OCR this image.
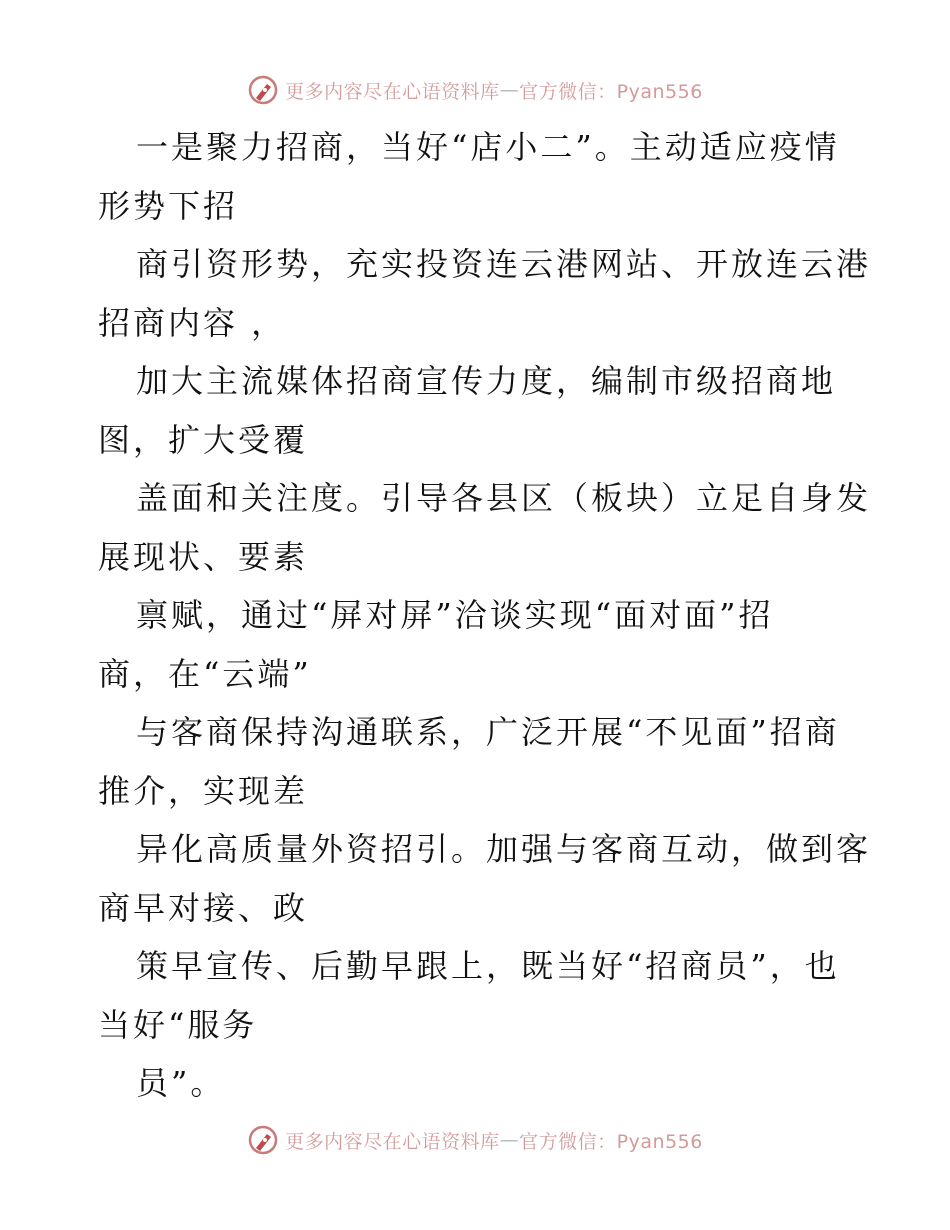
更多内容尽在心语资料库 — 官方微信：Pyan556
一是聚力招商，当好“店小二”。主动适应疫情
形势下招
商引资形势，充实投资连云港网站、开放连云港
招商内容 ，
加大主流媒体招商宣传力度，编制市级招商地
图，扩大受覆
盖面和关注度。引导各县区（板块）立足自身发
展现状、要素
禀赋，通过“屏对屏”洽谈实现“面对面”招
商，在“云端”
与客商保持沟通联系，广泛开展“不见面”招商
推介，实现差
异化高质量外资招引。加强与客商互动，做到客
商早对接、政
策早宣传、后勤早跟上，既当好“招商员”，也
当好“服务
员”。
更多内容尽在心语资料库 — 官方微信：Pyan556
